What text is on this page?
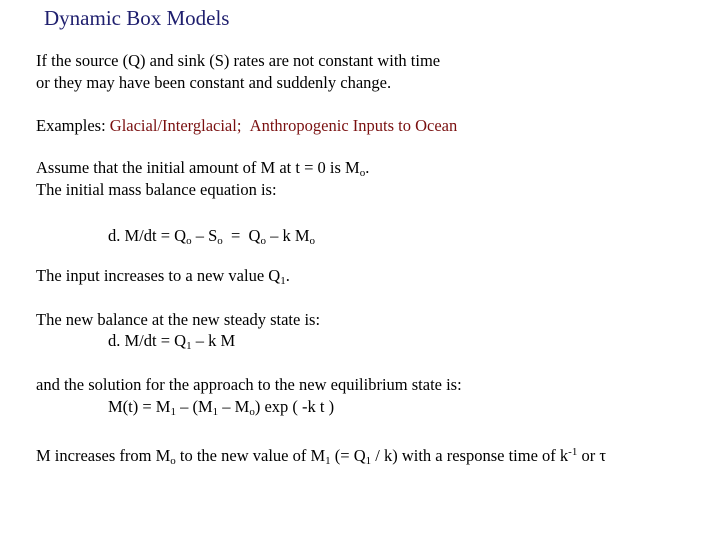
Dynamic Box Models
If the source (Q) and sink (S) rates are not constant with time
or they may have been constant and suddenly change.
Examples: Glacial/Interglacial; Anthropogenic Inputs to Ocean
Assume that the initial amount of M at t = 0 is $M_o$.
The initial mass balance equation is:
d. $M/dt = Q_o - S_o = Q_o - k$ $M_o$
The input increases to a new value $Q_1$.
The new balance at the new steady state is:
d. $M/dt = Q_1 - k$ M
and the solution for the approach to the new equilibrium state is:
$M(t) = M_1 - (M_1 - M_o)$ exp ( -k t )
M increases from $M_o$ to the new value of $M_1$ (= $Q_1 / k$) with a response time of $k^{-1}$ or τ
